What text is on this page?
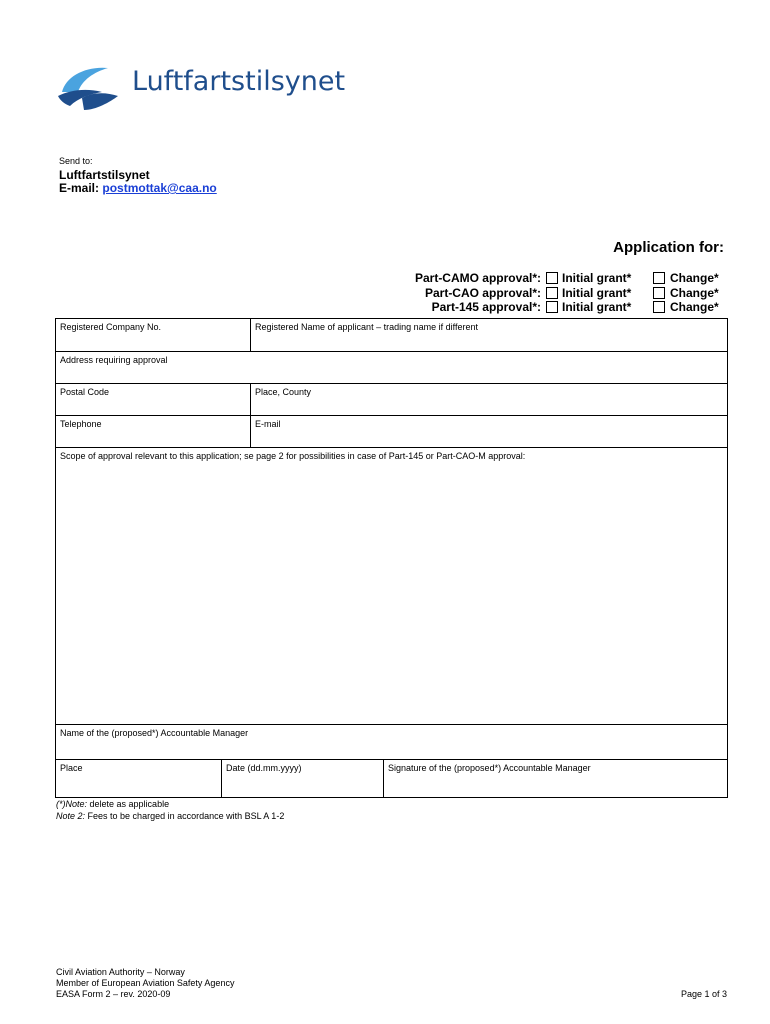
Luftfartstilsynet
Send to:
Luftfartstilsynet
E-mail: postmottak@caa.no
Application for:
Part-CAMO approval*: Initial grant*	Change*
Part-CAO approval*: Initial grant*	Change*
Part-145 approval*: Initial grant*	Change*
Registered Company No.	Registered Name of applicant – trading name if different
Address requiring approval
Postal Code	Place, County
Telephone	E-mail
Scope of approval relevant to this application; se page 2 for possibilities in case of Part-145 or Part-CAO-M approval:
Name of the (proposed*) Accountable Manager
Place	Date (dd.mm.yyyy)	Signature of the (proposed*) Accountable Manager
(*)Note: delete as applicable
Note 2: Fees to be charged in accordance with BSL A 1-2
Civil Aviation Authority – Norway
Member of European Aviation Safety Agency
EASA Form 2 – rev. 2020-09	Page 1 of 3
